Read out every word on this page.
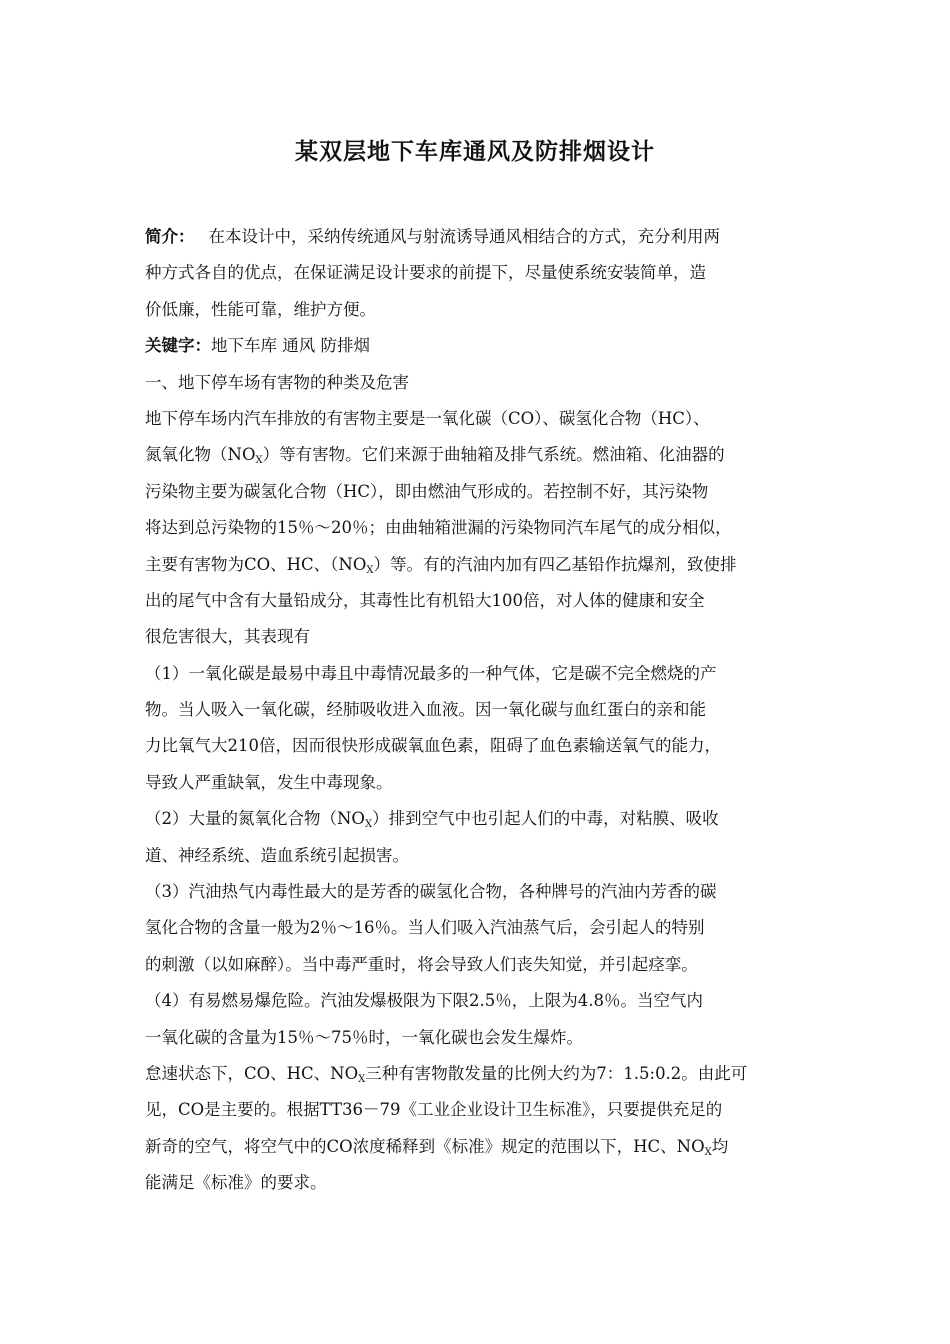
某双层地下车库通风及防排烟设计
简介： 在本设计中，采纳传统通风与射流诱导通风相结合的方式，充分利用两
种方式各自的优点，在保证满足设计要求的前提下，尽量使系统安装简单，造
价低廉，性能可靠，维护方便。
关键字：地下车库 通风 防排烟
一、地下停车场有害物的种类及危害
地下停车场内汽车排放的有害物主要是一氧化碳（CO）、碳氢化合物（HC）、
氮氧化物$(NO_X)$等有害物。它们来源于曲轴箱及排气系统。燃油箱、化油器的
污染物主要为碳氢化合物（HC），即由燃油气形成的。若控制不好，其污染物
将达到总污染物的15％～20％；由曲轴箱泄漏的污染物同汽车尾气的成分相似，
主要有害物为CO、HC、$(NO_X)$等。有的汽油内加有四乙基铅作抗爆剂，致使排
出的尾气中含有大量铅成分，其毒性比有机铅大100倍，对人体的健康和安全
很危害很大，其表现有
（1）一氧化碳是最易中毒且中毒情况最多的一种气体，它是碳不完全燃烧的产
物。当人吸入一氧化碳，经肺吸收进入血液。因一氧化碳与血红蛋白的亲和能
力比氧气大210倍，因而很快形成碳氧血色素，阻碍了血色素输送氧气的能力，
导致人严重缺氧，发生中毒现象。
（2）大量的氮氧化合物$(NO_X)$排到空气中也引起人们的中毒，对粘膜、吸收
道、神经系统、造血系统引起损害。
（3）汽油热气内毒性最大的是芳香的碳氢化合物，各种牌号的汽油内芳香的碳
氢化合物的含量一般为2％～16％。当人们吸入汽油蒸气后，会引起人的特别
的刺激（以如麻醉）。当中毒严重时，将会导致人们丧失知觉，并引起痉挛。
（4）有易燃易爆危险。汽油发爆极限为下限2.5％，上限为4.8％。当空气内
一氧化碳的含量为15％～75％时，一氧化碳也会发生爆炸。
怠速状态下，CO、HC、$NO_X$三种有害物散发量的比例大约为7：1.5:0.2。由此可
见，CO是主要的。根据TT36－79《工业企业设计卫生标准》，只要提供充足的
新奇的空气，将空气中的CO浓度稀释到《标准》规定的范围以下，HC、$NO_X$均
能满足《标准》的要求。
